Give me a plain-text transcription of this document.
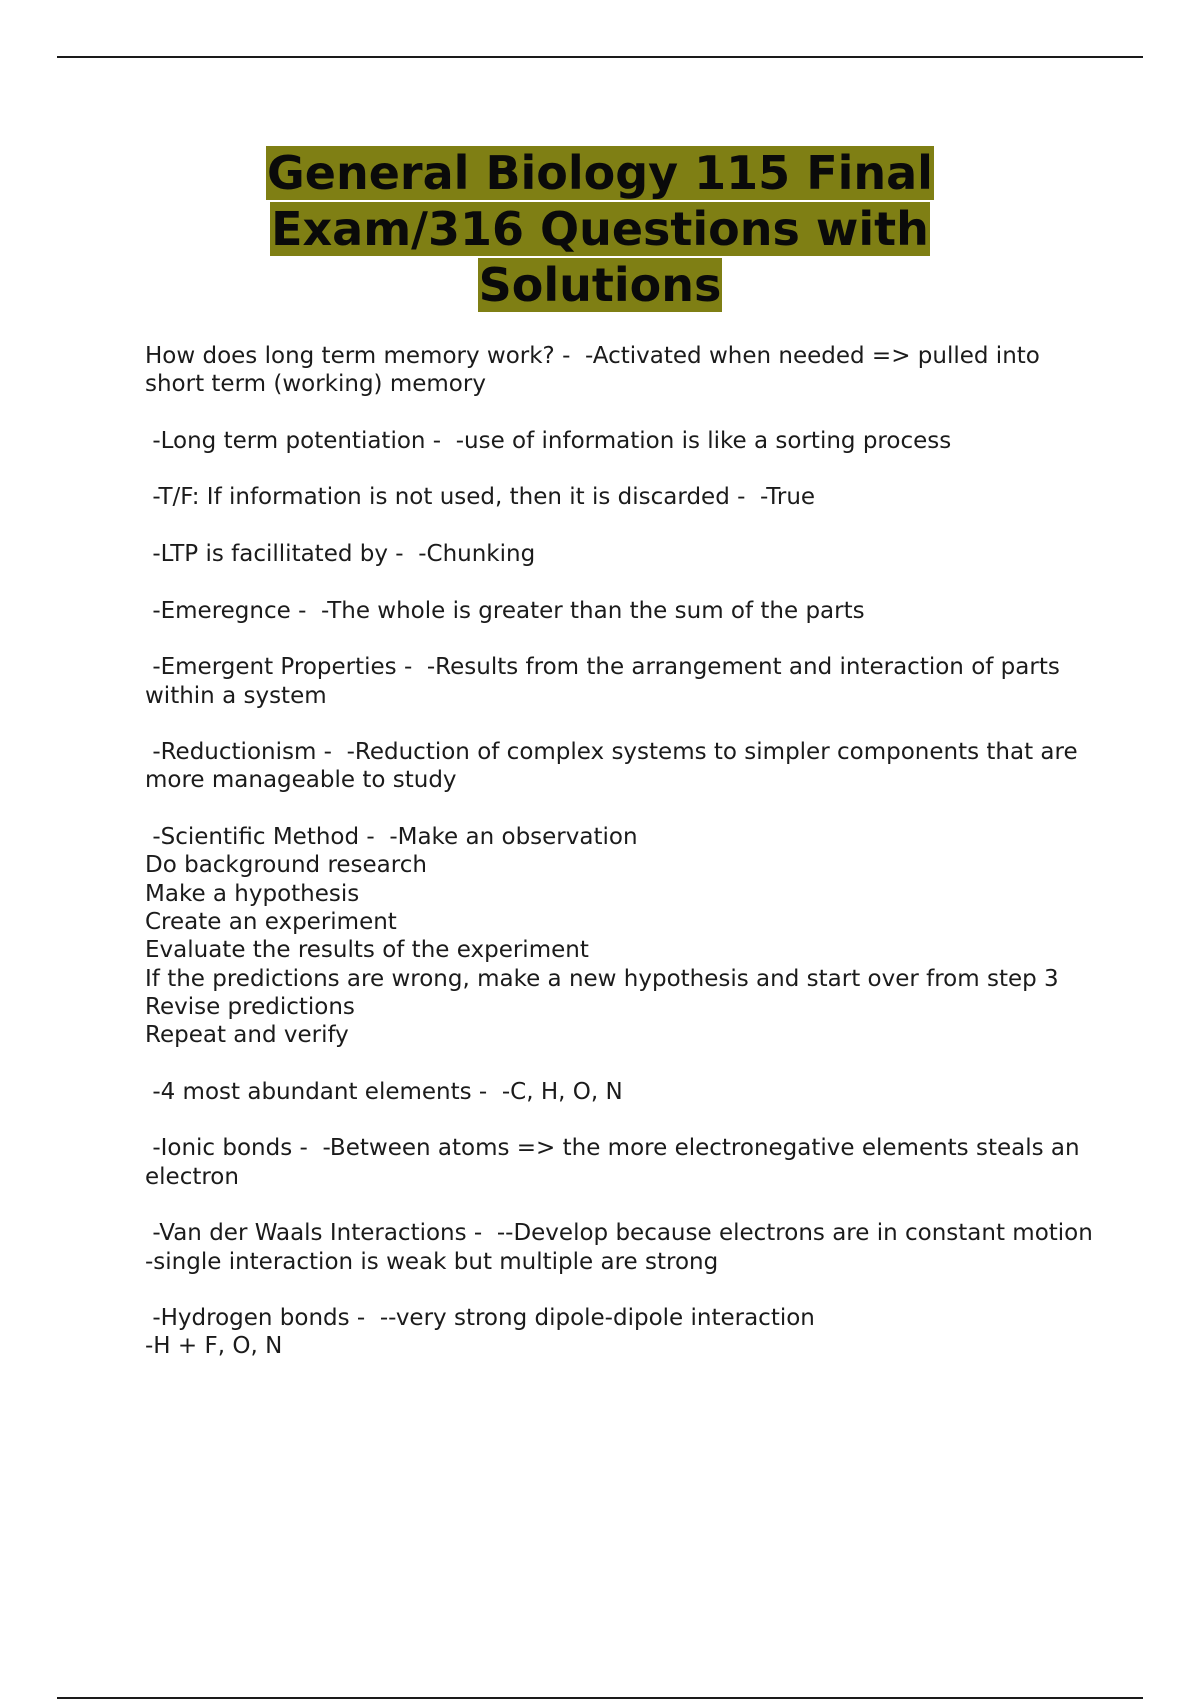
General Biology 115 Final Exam/316 Questions with Solutions
How does long term memory work? -  -Activated when needed => pulled into short term (working) memory
-Long term potentiation -  -use of information is like a sorting process
-T/F: If information is not used, then it is discarded -  -True
-LTP is facillitated by -  -Chunking
-Emeregnce -  -The whole is greater than the sum of the parts
-Emergent Properties -  -Results from the arrangement and interaction of parts within a system
-Reductionism -  -Reduction of complex systems to simpler components that are more manageable to study
-Scientific Method -  -Make an observation
Do background research
Make a hypothesis
Create an experiment
Evaluate the results of the experiment
If the predictions are wrong, make a new hypothesis and start over from step 3
Revise predictions
Repeat and verify
-4 most abundant elements -  -C, H, O, N
-Ionic bonds -  -Between atoms => the more electronegative elements steals an electron
-Van der Waals Interactions -  --Develop because electrons are in constant motion
-single interaction is weak but multiple are strong
-Hydrogen bonds -  --very strong dipole-dipole interaction
-H + F, O, N
